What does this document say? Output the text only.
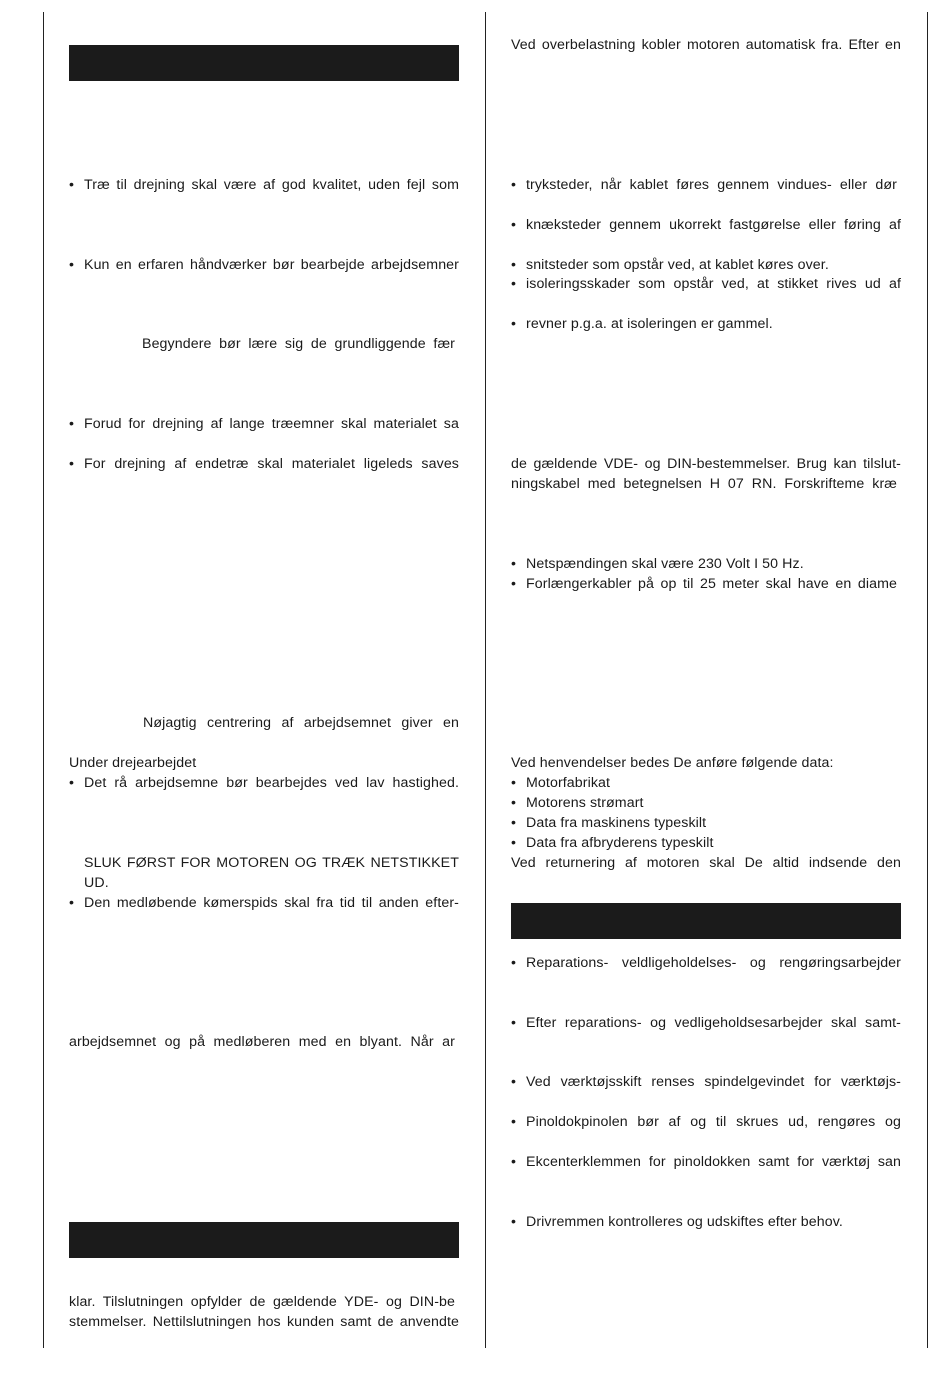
• Træ til drejning skal være af god kvalitet, uden fejl som
• Kun en erfaren håndværker bør bearbejde arbejdsemner
Begyndere bør lære sig de grundliggende fær
• Forud for drejning af lange træemner skal materialet sa
• For drejning af endetræ skal materialet ligeleds saves
Nøjagtig centrering af arbejdsemnet giver en
Under drejearbejdet
• Det rå arbejdsemne bør bearbejdes ved lav hastighed.
SLUK FØRST FOR MOTOREN OG TRÆK NETSTIKKET
UD.
• Den medløbende kømerspids skal fra tid til anden efter-
arbejdsemnet og på medløberen med en blyant. Når ar
klar. Tilslutningen opfylder de gældende YDE- og DIN-be
stemmelser. Nettilslutningen hos kunden samt de anvendte
Ved overbelastning kobler motoren automatisk fra. Efter en
• tryksteder, når kablet føres gennem vindues- eller dør
• knæksteder gennem ukorrekt fastgørelse eller føring af
• snitsteder som opstår ved, at kablet køres over.
• isoleringsskader som opstår ved, at stikket rives ud af
• revner p.g.a. at isoleringen er gammel.
de gældende VDE- og DIN-bestemmelser. Brug kan tilslut-
ningskabel med betegnelsen H 07 RN. Forskrifteme kræ
• Netspændingen skal være 230 Volt I 50 Hz.
• Forlængerkabler på op til 25 meter skal have en diame
Ved henvendelser bedes De anføre følgende data:
• Motorfabrikat
• Motorens strømart
• Data fra maskinens typeskilt
• Data fra afbryderens typeskilt
Ved returnering af motoren skal De altid indsende den
• Reparations- veldligeholdelses- og rengøringsarbejder
• Efter reparations- og vedligeholdsesarbejder skal samt-
• Ved værktøjsskift renses spindelgevindet for værktøjs-
• Pinoldokpinolen bør af og til skrues ud, rengøres og
• Ekcenterklemmen for pinoldokken samt for værktøj san
• Drivremmen kontrolleres og udskiftes efter behov.
